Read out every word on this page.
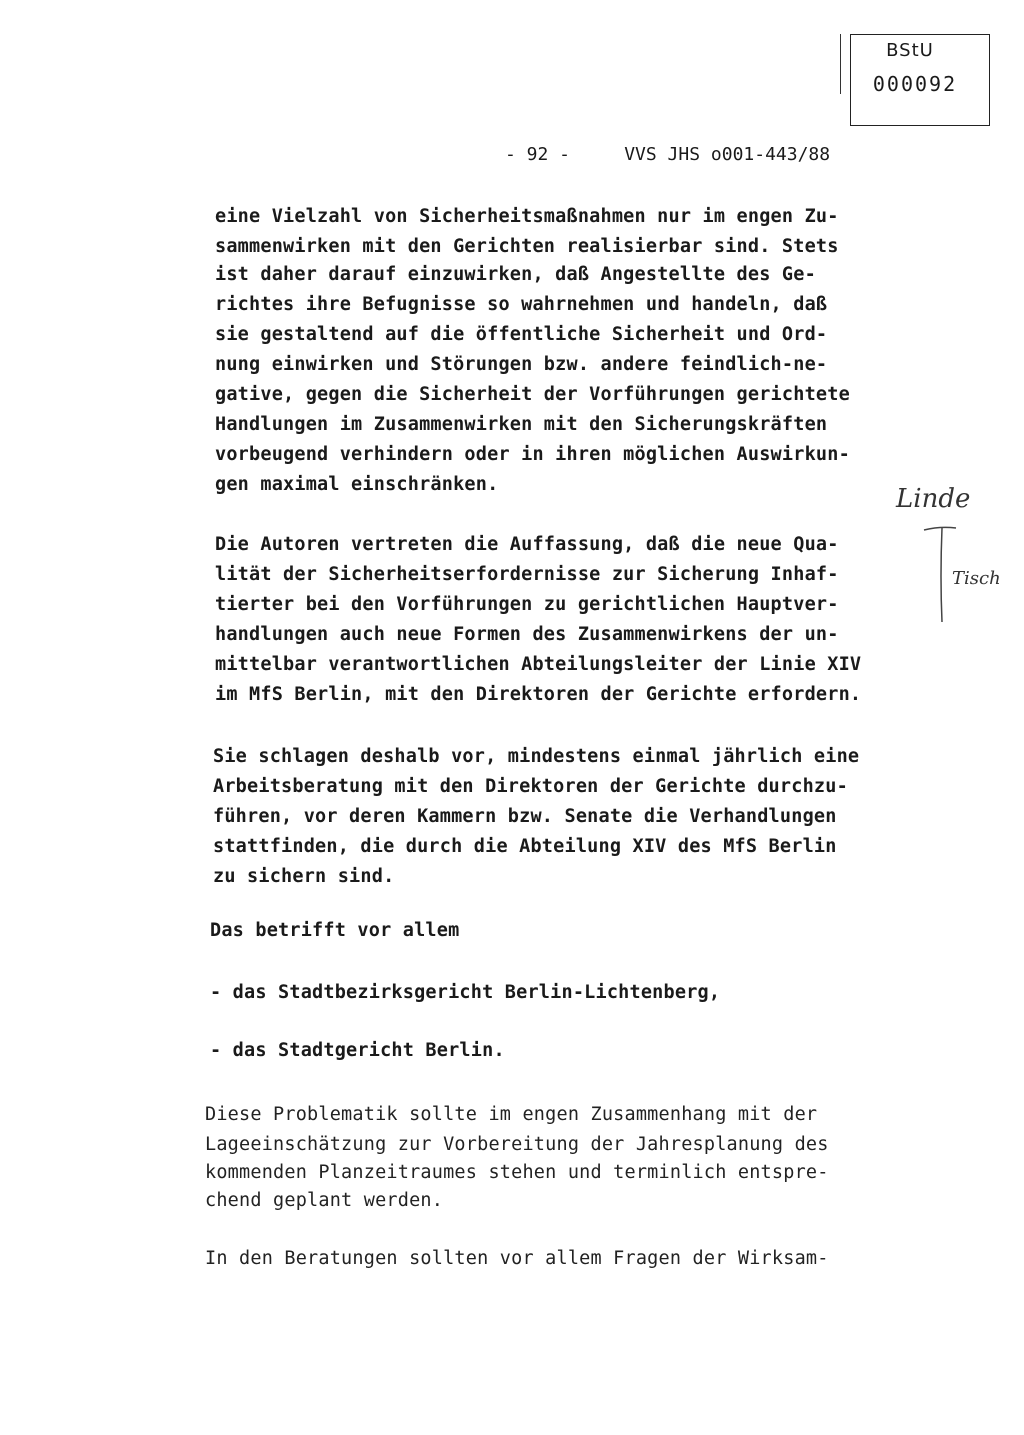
BStU
000092
- 92 -     VVS JHS o001-443/88
eine Vielzahl von Sicherheitsmaßnahmen nur im engen Zu-
sammenwirken mit den Gerichten realisierbar sind. Stets
ist daher darauf einzuwirken, daß Angestellte des Ge-
richtes ihre Befugnisse so wahrnehmen und handeln, daß
sie gestaltend auf die öffentliche Sicherheit und Ord-
nung einwirken und Störungen bzw. andere feindlich-ne-
gative, gegen die Sicherheit der Vorführungen gerichtete
Handlungen im Zusammenwirken mit den Sicherungskräften
vorbeugend verhindern oder in ihren möglichen Auswirkun-
gen maximal einschränken.
Die Autoren vertreten die Auffassung, daß die neue Qua-
lität der Sicherheitserfordernisse zur Sicherung Inhaf-
tierter bei den Vorführungen zu gerichtlichen Hauptver-
handlungen auch neue Formen des Zusammenwirkens der un-
mittelbar verantwortlichen Abteilungsleiter der Linie XIV
im MfS Berlin, mit den Direktoren der Gerichte erfordern.
Sie schlagen deshalb vor, mindestens einmal jährlich eine
Arbeitsberatung mit den Direktoren der Gerichte durchzu-
führen, vor deren Kammern bzw. Senate die Verhandlungen
stattfinden, die durch die Abteilung XIV des MfS Berlin
zu sichern sind.
Das betrifft vor allem
- das Stadtbezirksgericht Berlin-Lichtenberg,
- das Stadtgericht Berlin.
Diese Problematik sollte im engen Zusammenhang mit der
Lageeinschätzung zur Vorbereitung der Jahresplanung des
kommenden Planzeitraumes stehen und terminlich entspre-
chend geplant werden.
In den Beratungen sollten vor allem Fragen der Wirksam-
Linde
Tisch
